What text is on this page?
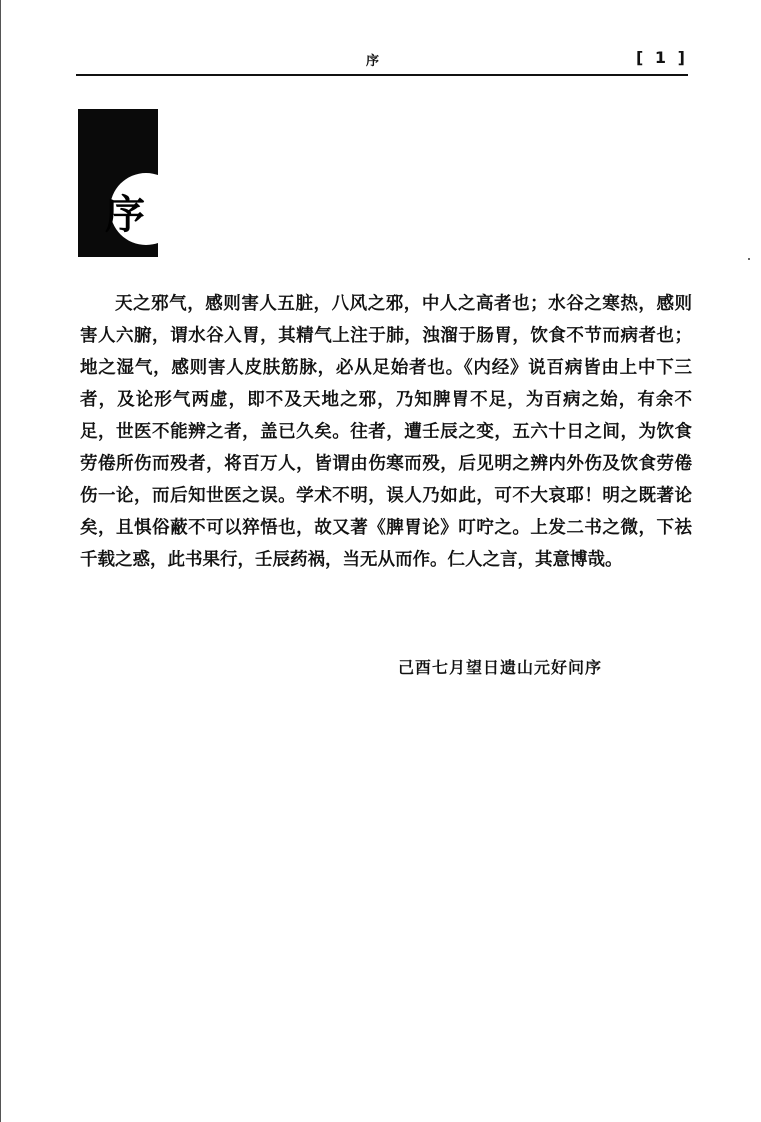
序	[ 1 ]
序

天之邪气，感则害人五脏，八风之邪，中人之高者也；水谷之寒热，感则害人六腑，谓水谷入胃，其精气上注于肺，浊溜于肠胃，饮食不节而病者也；地之湿气，感则害人皮肤筋脉，必从足始者也。《内经》说百病皆由上中下三者，及论形气两虚，即不及天地之邪，乃知脾胃不足，为百病之始，有余不足，世医不能辨之者，盖已久矣。往者，遭壬辰之变，五六十日之间，为饮食劳倦所伤而殁者，将百万人，皆谓由伤寒而殁，后见明之辨内外伤及饮食劳倦伤一论，而后知世医之误。学术不明，误人乃如此，可不大哀耶！明之既著论矣，且惧俗蔽不可以猝悟也，故又著《脾胃论》叮咛之。上发二书之微，下祛千载之惑，此书果行，壬辰药祸，当无从而作。仁人之言，其意博哉。

己酉七月望日遗山元好问序
